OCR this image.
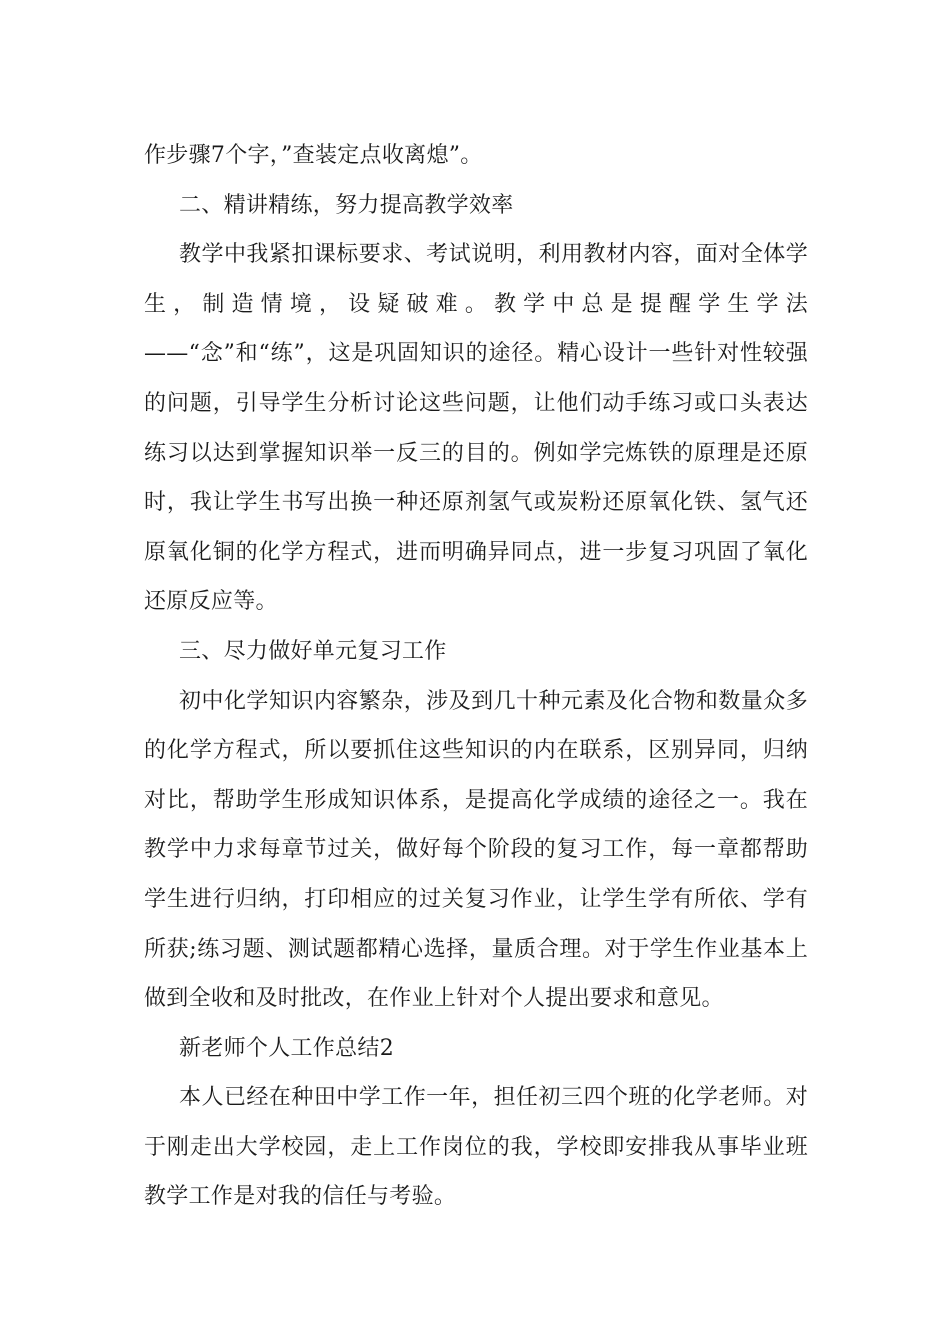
作步骤7个字，”查装定点收离熄”。

二、精讲精练，努力提高教学效率

教学中我紧扣课标要求、考试说明，利用教材内容，面对全体学生，制造情境，设疑破难。教学中总是提醒学生学法——“念”和“练”，这是巩固知识的途径。精心设计一些针对性较强的问题，引导学生分析讨论这些问题，让他们动手练习或口头表达练习以达到掌握知识举一反三的目的。例如学完炼铁的原理是还原时，我让学生书写出换一种还原剂氢气或炭粉还原氧化铁、氢气还原氧化铜的化学方程式，进而明确异同点，进一步复习巩固了氧化还原反应等。

三、尽力做好单元复习工作

初中化学知识内容繁杂，涉及到几十种元素及化合物和数量众多的化学方程式，所以要抓住这些知识的内在联系，区别异同，归纳对比，帮助学生形成知识体系，是提高化学成绩的途径之一。我在教学中力求每章节过关，做好每个阶段的复习工作，每一章都帮助学生进行归纳，打印相应的过关复习作业，让学生学有所依、学有所获;练习题、测试题都精心选择，量质合理。对于学生作业基本上做到全收和及时批改，在作业上针对个人提出要求和意见。

新老师个人工作总结2

本人已经在种田中学工作一年，担任初三四个班的化学老师。对于刚走出大学校园，走上工作岗位的我，学校即安排我从事毕业班教学工作是对我的信任与考验。
